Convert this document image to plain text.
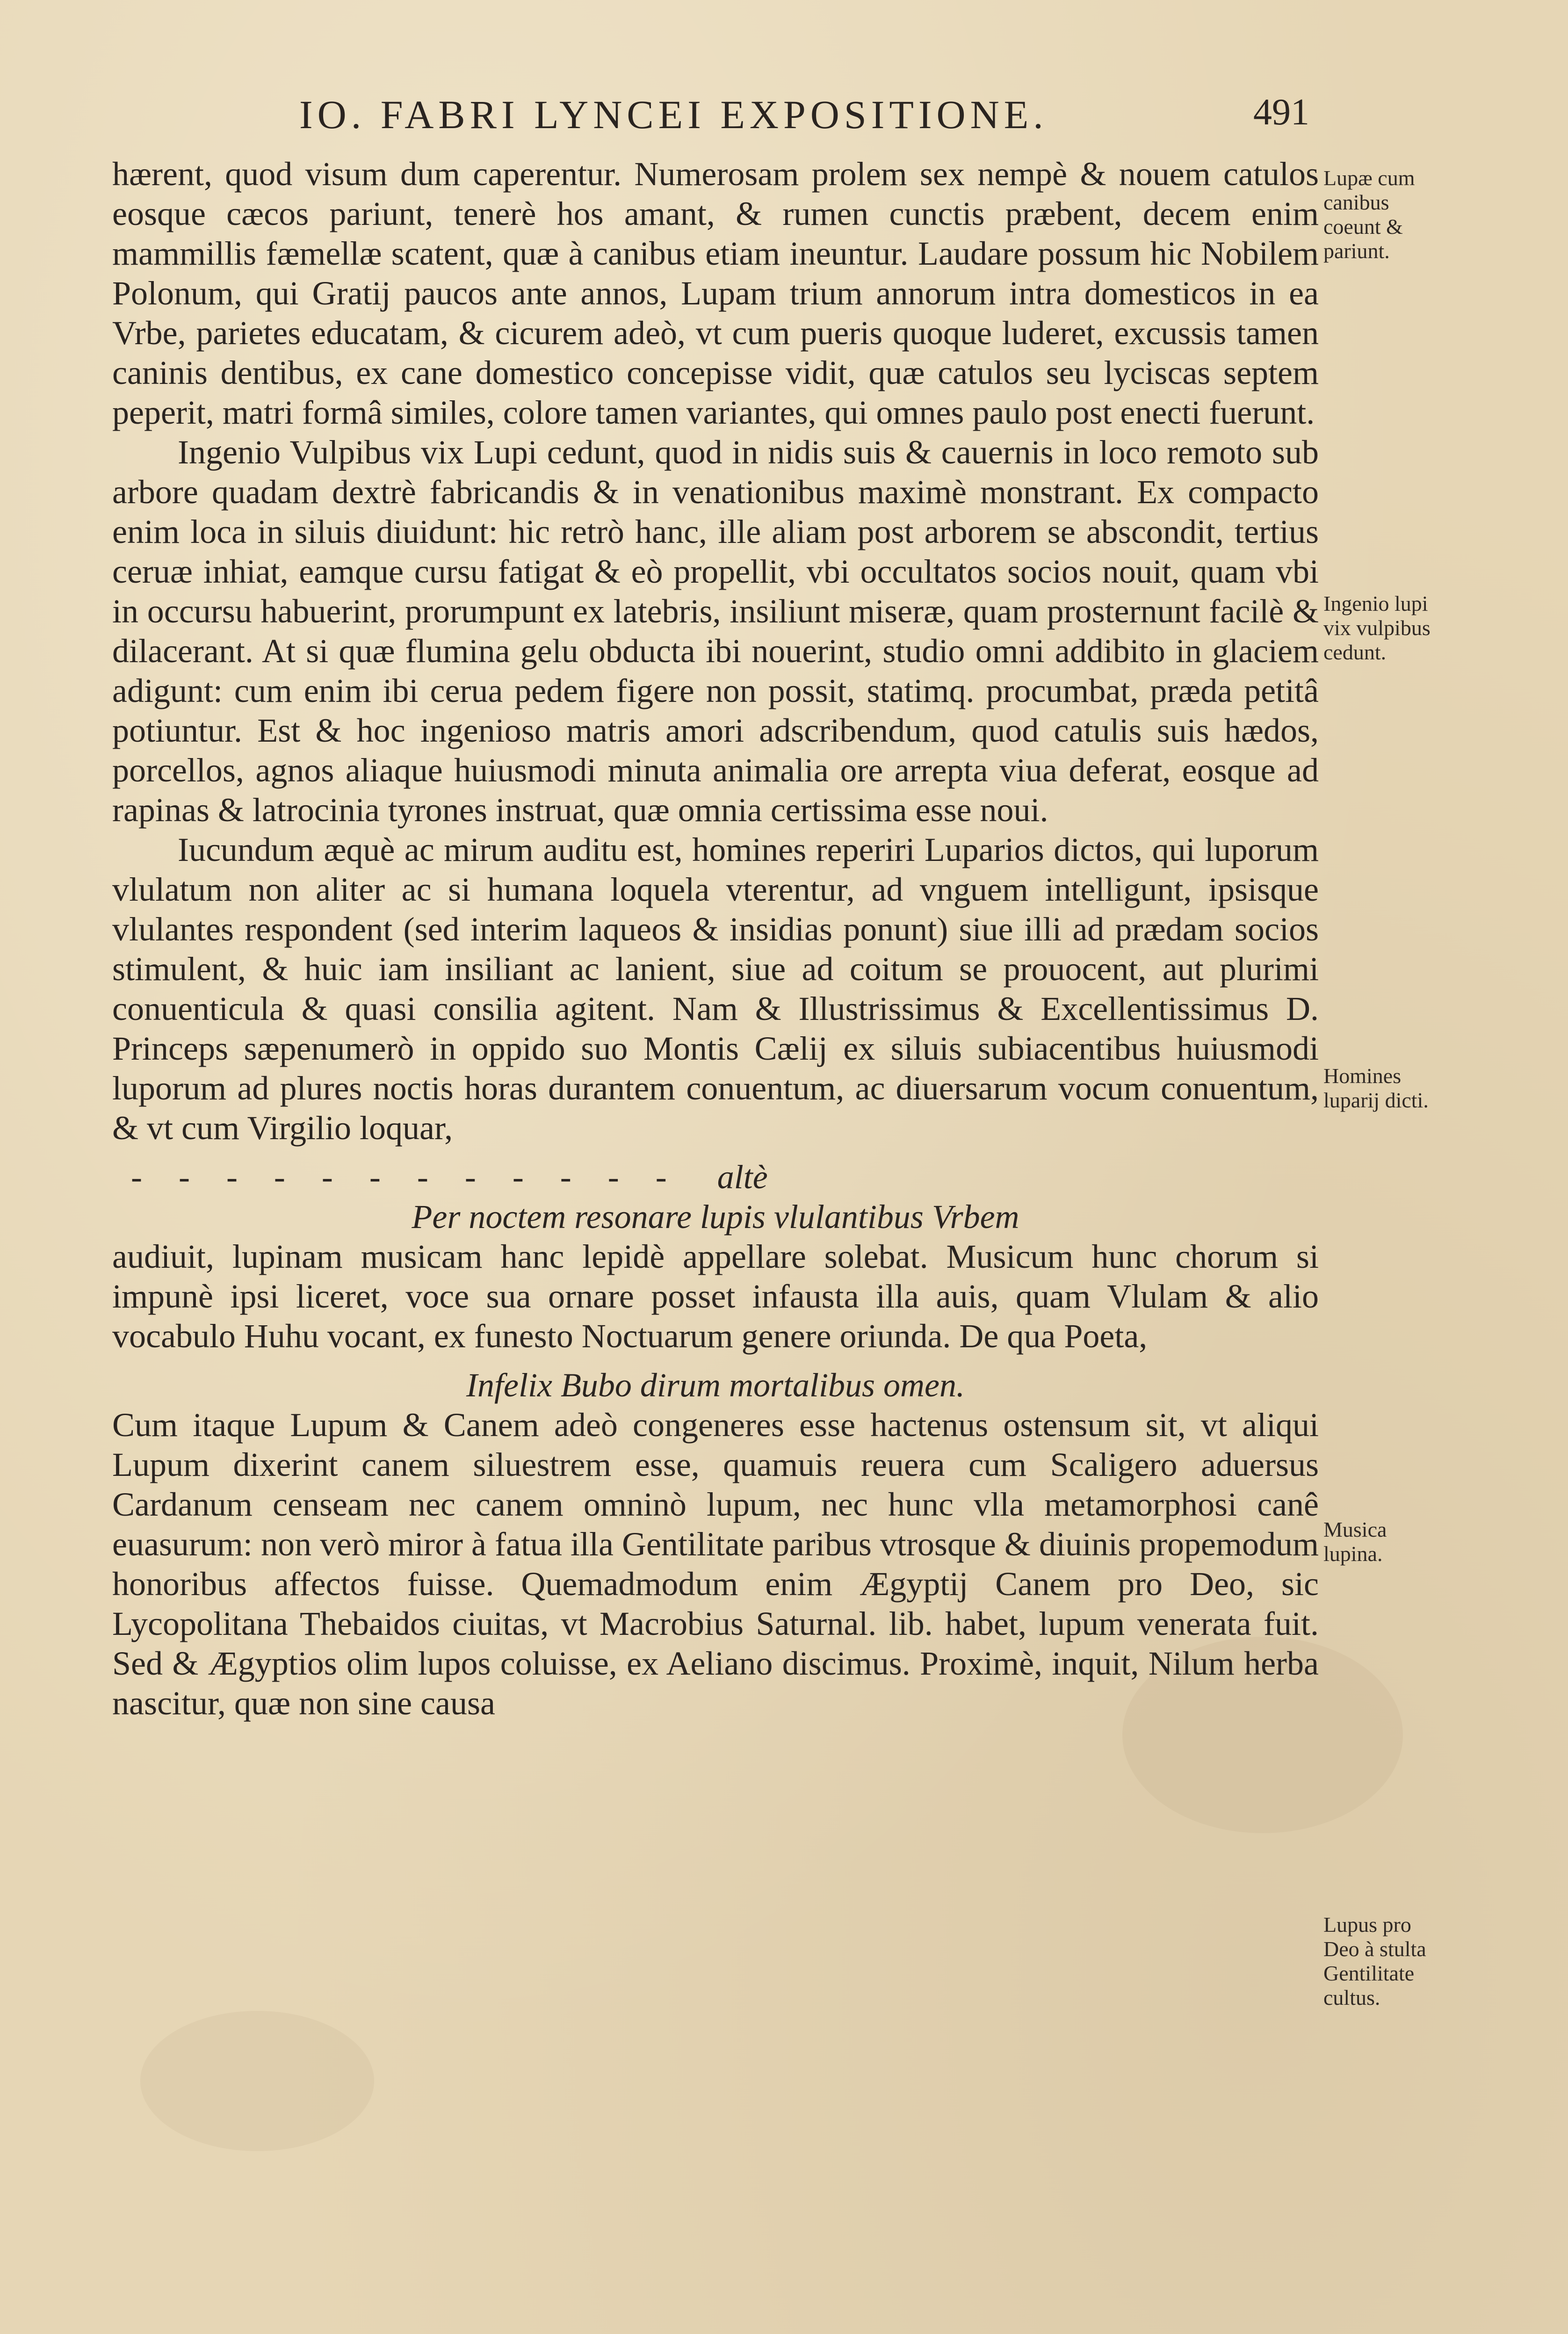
IO. FABRI LYNCEI EXPOSITIONE.	491

hærent, quod visum dum caperentur. Numerosam prolem sex nempè & nouem catulos eosque cæcos pariunt, tenerè hos amant, & rumen cunctis præbent, decem enim mammillis fæmellæ scatent, quæ à canibus etiam ineuntur. Laudare possum hic Nobilem Polonum, qui Gratij paucos ante annos, Lupam trium annorum intra domesticos in ea Vrbe, parietes educatam, & cicurem adeò, vt cum pueris quoque luderet, excussis tamen caninis dentibus, ex cane domestico concepisse vidit, quæ catulos seu lyciscas septem peperit, matri formâ similes, colore tamen variantes, qui omnes paulo post enecti fuerunt.

Ingenio Vulpibus vix Lupi cedunt, quod in nidis suis & cauernis in loco remoto sub arbore quadam dextrè fabricandis & in venationibus maximè monstrant. Ex compacto enim loca in siluis diuidunt: hic retrò hanc, ille aliam post arborem se abscondit, tertius ceruæ inhiat, eamque cursu fatigat & eò propellit, vbi occultatos socios nouit, quam vbi in occursu habuerint, prorumpunt ex latebris, insiliunt miseræ, quam prosternunt facilè & dilacerant. At si quæ flumina gelu obducta ibi nouerint, studio omni addibito in glaciem adigunt: cum enim ibi cerua pedem figere non possit, statimq. procumbat, præda petitâ potiuntur. Est & hoc ingenioso matris amori adscribendum, quod catulis suis hædos, porcellos, agnos aliaque huiusmodi minuta animalia ore arrepta viua deferat, eosque ad rapinas & latrocinia tyrones instruat, quæ omnia certissima esse noui.

Iucundum æquè ac mirum auditu est, homines reperiri Luparios dictos, qui luporum vlulatum non aliter ac si humana loquela vterentur, ad vnguem intelligunt, ipsisque vlulantes respondent (sed interim laqueos & insidias ponunt) siue illi ad prædam socios stimulent, & huic iam insiliant ac lanient, siue ad coitum se prouocent, aut plurimi conuenticula & quasi consilia agitent. Nam & Illustrissimus & Excellentissimus D. Princeps sæpenumerò in oppido suo Montis Cælij ex siluis subiacentibus huiusmodi luporum ad plures noctis horas durantem conuentum, ac diuersarum vocum conuentum, & vt cum Virgilio loquar,

- - - - - - - - - - - - altè

Per noctem resonare lupis vlulantibus Vrbem

audiuit, lupinam musicam hanc lepidè appellare solebat. Musicum hunc chorum si impunè ipsi liceret, voce sua ornare posset infausta illa auis, quam Vlulam & alio vocabulo Huhu vocant, ex funesto Noctuarum genere oriunda. De qua Poeta,

Infelix Bubo dirum mortalibus omen.

Cum itaque Lupum & Canem adeò congeneres esse hactenus ostensum sit, vt aliqui Lupum dixerint canem siluestrem esse, quamuis reuera cum Scaligero aduersus Cardanum censeam nec canem omninò lupum, nec hunc vlla metamorphosi canê euasurum: non verò miror à fatua illa Gentilitate paribus vtrosque & diuinis propemodum honoribus affectos fuisse. Quemadmodum enim Ægyptij Canem pro Deo, sic Lycopolitana Thebaidos ciuitas, vt Macrobius Saturnal. lib. habet, lupum venerata fuit. Sed & Ægyptios olim lupos coluisse, ex Aeliano discimus. Proximè, inquit, Nilum herba nascitur, quæ non sine causa

Lupæ cum canibus coeunt & pariunt.
Ingenio lupi vix vulpibus cedunt.
Homines luparij dicti.
Musica lupina.
Lupus pro Deo à stulta Gentilitate cultus.
